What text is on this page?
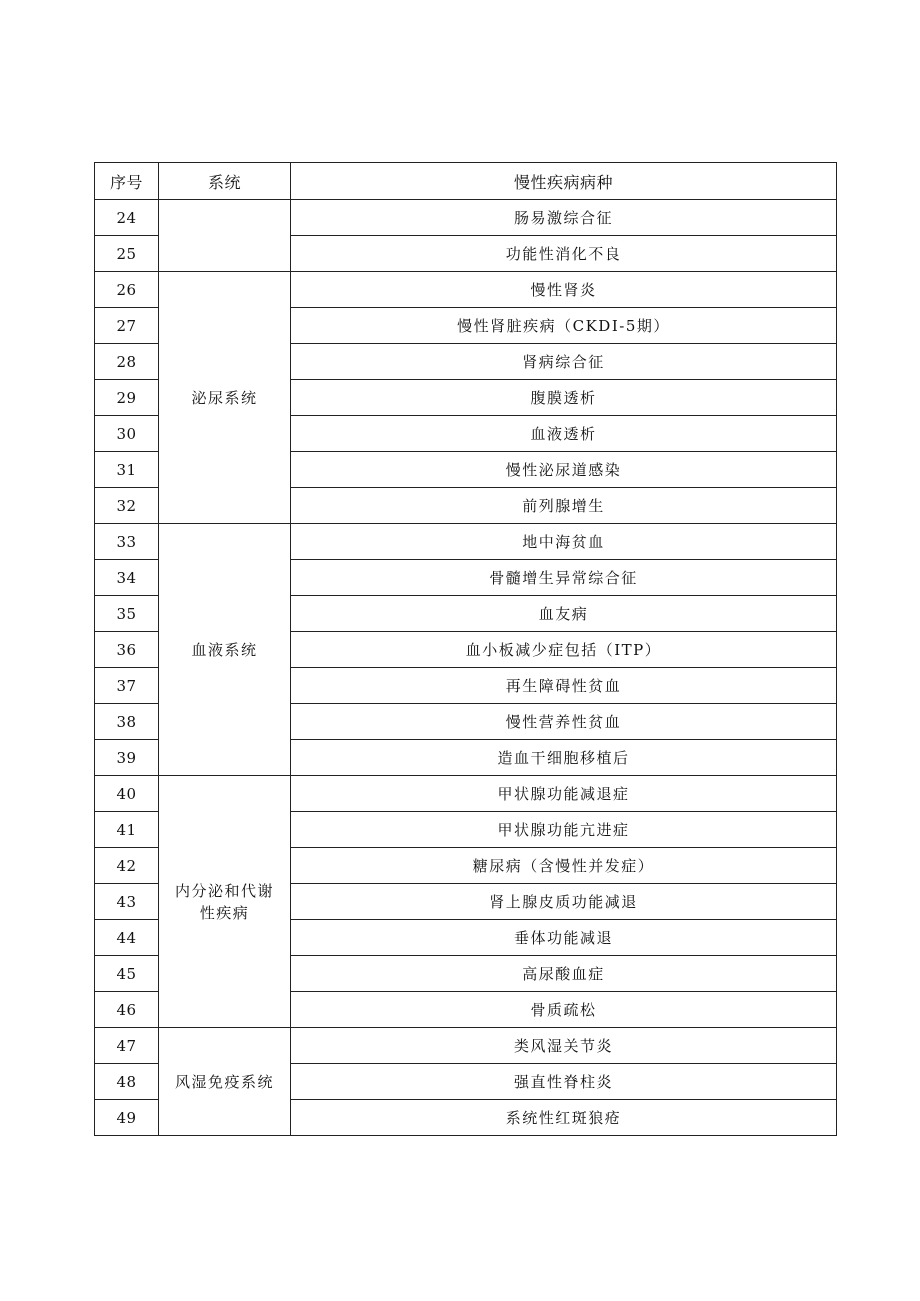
序号	系统	慢性疾病病种
24		肠易激综合征
25		功能性消化不良
26	泌尿系统	慢性肾炎
27		慢性肾脏疾病（CKDI-5期）
28		肾病综合征
29		腹膜透析
30		血液透析
31		慢性泌尿道感染
32		前列腺增生
33	血液系统	地中海贫血
34		骨髓增生异常综合征
35		血友病
36		血小板减少症包括（ITP）
37		再生障碍性贫血
38		慢性营养性贫血
39		造血干细胞移植后
40	内分泌和代谢性疾病	甲状腺功能减退症
41		甲状腺功能亢进症
42		糖尿病（含慢性并发症）
43		肾上腺皮质功能减退
44		垂体功能减退
45		高尿酸血症
46		骨质疏松
47	风湿免疫系统	类风湿关节炎
48		强直性脊柱炎
49		系统性红斑狼疮
